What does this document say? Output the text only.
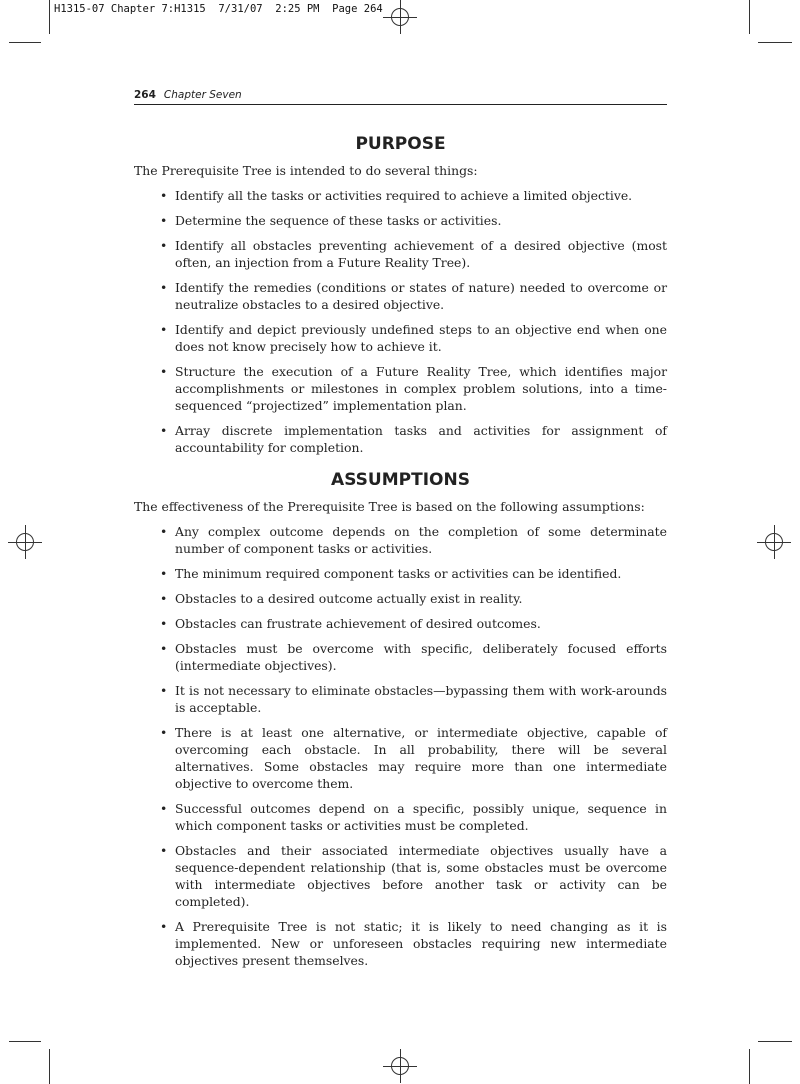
H1315-07 Chapter 7:H1315  7/31/07  2:25 PM  Page 264
264 Chapter Seven
PURPOSE

The Prerequisite Tree is intended to do several things:

• Identify all the tasks or activities required to achieve a limited objective.
• Determine the sequence of these tasks or activities.
• Identify all obstacles preventing achievement of a desired objective (most often, an injection from a Future Reality Tree).
• Identify the remedies (conditions or states of nature) needed to overcome or neutralize obstacles to a desired objective.
• Identify and depict previously undefined steps to an objective end when one does not know precisely how to achieve it.
• Structure the execution of a Future Reality Tree, which identifies major accomplishments or milestones in complex problem solutions, into a time-sequenced “projectized” implementation plan.
• Array discrete implementation tasks and activities for assignment of accountability for completion.
ASSUMPTIONS

The effectiveness of the Prerequisite Tree is based on the following assumptions:

• Any complex outcome depends on the completion of some determinate number of component tasks or activities.
• The minimum required component tasks or activities can be identified.
• Obstacles to a desired outcome actually exist in reality.
• Obstacles can frustrate achievement of desired outcomes.
• Obstacles must be overcome with specific, deliberately focused efforts (intermediate objectives).
• It is not necessary to eliminate obstacles—bypassing them with work-arounds is acceptable.
• There is at least one alternative, or intermediate objective, capable of overcoming each obstacle. In all probability, there will be several alternatives. Some obstacles may require more than one intermediate objective to overcome them.
• Successful outcomes depend on a specific, possibly unique, sequence in which component tasks or activities must be completed.
• Obstacles and their associated intermediate objectives usually have a sequence-dependent relationship (that is, some obstacles must be overcome with intermediate objectives before another task or activity can be completed).
• A Prerequisite Tree is not static; it is likely to need changing as it is implemented. New or unforeseen obstacles requiring new intermediate objectives present themselves.
